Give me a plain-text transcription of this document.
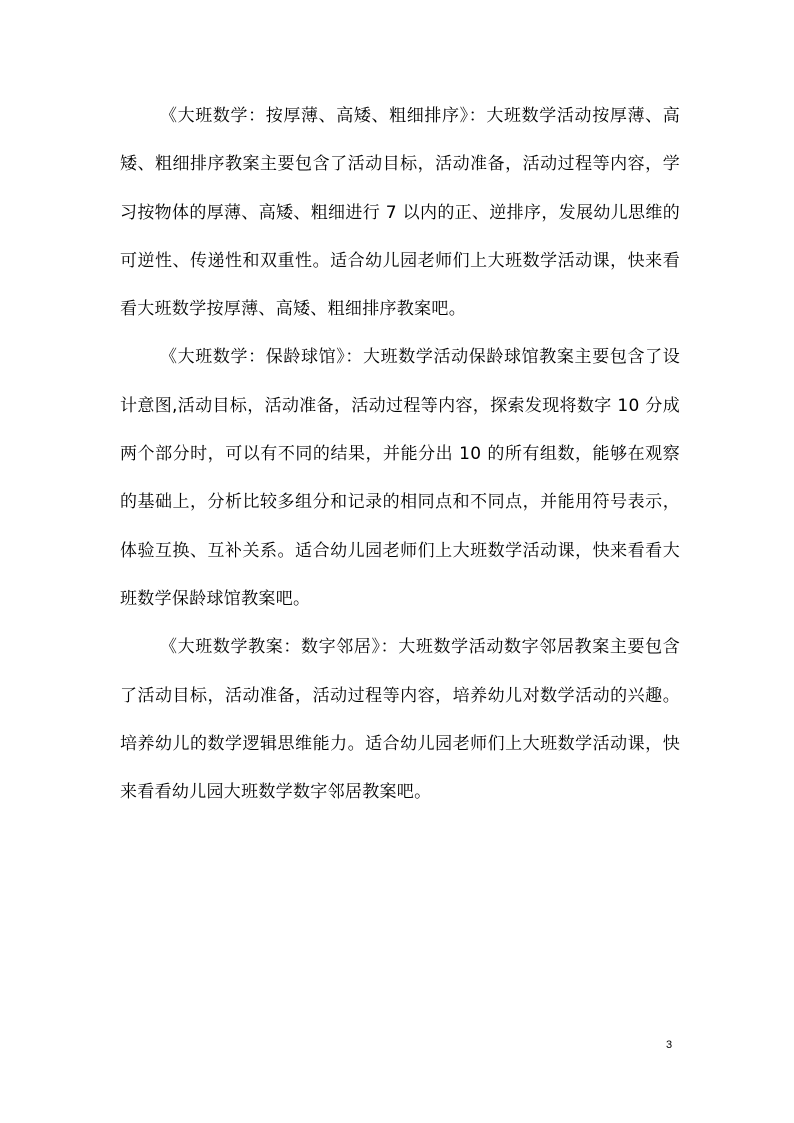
《大班数学：按厚薄、高矮、粗细排序》：大班数学活动按厚薄、高矮、粗细排序教案主要包含了活动目标，活动准备，活动过程等内容，学习按物体的厚薄、高矮、粗细进行 7 以内的正、逆排序，发展幼儿思维的可逆性、传递性和双重性。适合幼儿园老师们上大班数学活动课，快来看看大班数学按厚薄、高矮、粗细排序教案吧。

《大班数学：保龄球馆》：大班数学活动保龄球馆教案主要包含了设计意图,活动目标，活动准备，活动过程等内容，探索发现将数字 10 分成两个部分时，可以有不同的结果，并能分出 10 的所有组数，能够在观察的基础上，分析比较多组分和记录的相同点和不同点，并能用符号表示，体验互换、互补关系。适合幼儿园老师们上大班数学活动课，快来看看大班数学保龄球馆教案吧。

《大班数学教案：数字邻居》：大班数学活动数字邻居教案主要包含了活动目标，活动准备，活动过程等内容，培养幼儿对数学活动的兴趣。培养幼儿的数学逻辑思维能力。适合幼儿园老师们上大班数学活动课，快来看看幼儿园大班数学数字邻居教案吧。

3
